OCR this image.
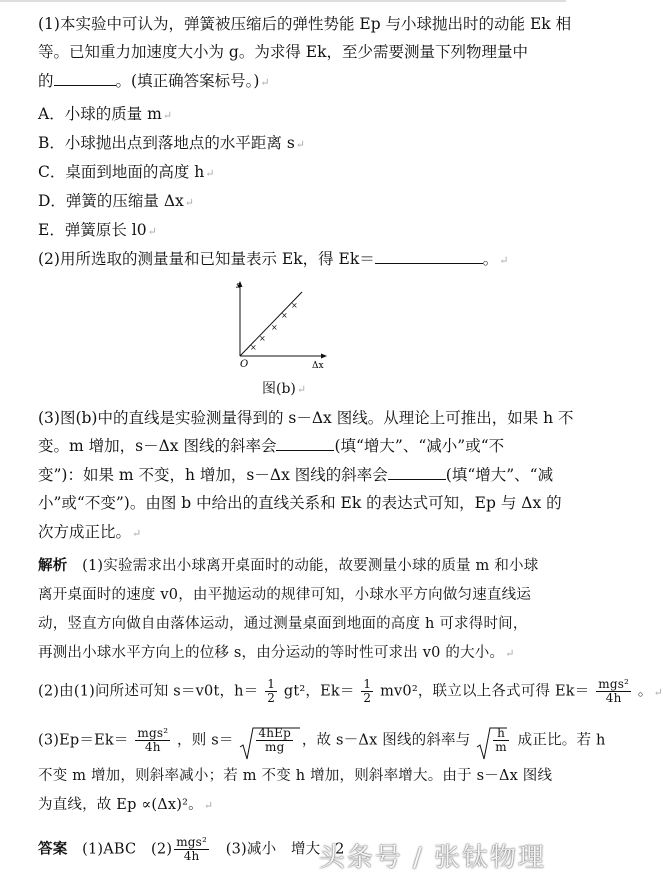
(1)本实验中可认为，弹簧被压缩后的弹性势能 Ep 与小球抛出时的动能 Ek 相
等。已知重力加速度大小为 g。为求得 Ek，至少需要测量下列物理量中
的	。(填正确答案标号。)↵
A．小球的质量 m↵
B．小球抛出点到落地点的水平距离 s↵
C．桌面到地面的高度 h↵
D．弹簧的压缩量 Δx↵
E．弹簧原长 l0↵
(2)用所选取的测量量和已知量表示 Ek，得 Ek＝	。↵
×
×
×
×
×
s
O	Δx
图(b)↵
(3)图(b)中的直线是实验测量得到的 s－Δx 图线。从理论上可推出，如果 h 不
变。m 增加，s－Δx 图线的斜率会	(填“增大”、“减小”或“不
变”)：如果 m 不变，h 增加，s－Δx 图线的斜率会	(填“增大”、“减
小”或“不变”)。由图 b 中给出的直线关系和 Ek 的表达式可知，Ep 与 Δx 的
次方成正比。↵
解析　 (1)实验需求出小球离开桌面时的动能，故要测量小球的质量 m 和小球
离开桌面时的速度 v0，由平抛运动的规律可知，小球水平方向做匀速直线运
动，竖直方向做自由落体运动，通过测量桌面到地面的高度 h 可求得时间，
再测出小球水平方向上的位移 s，由分运动的等时性可求出 v0 的大小。↵
(2)由(1)问所述可知 s＝v0t，$h= \frac{1}{2} gt^2$，$Ek= \frac{1}{2} mv0^2$，联立以上各式可得 $Ek= \frac{\text{mgs²}}{4h}$ 。↵
$(3)Ep=Ek= \frac{\text{mgs²}}{4h}$ ，则 $s= \frac{\text{4hEp}}{mg}$ ，故 s－Δx 图线的斜率与 $\frac{h}{m}$ 成正比。若 h
不变 m 增加，则斜率减小；若 m 不变 h 增加，则斜率增大。由于 s－Δx 图线
为直线，故 Ep ∝(Δx)²。↵
答案　 (1)ABC　 $(2) \frac{\text{mgs²}}{4h}$
　 (3)减小　增大　2
头条号 / 张钛物理
